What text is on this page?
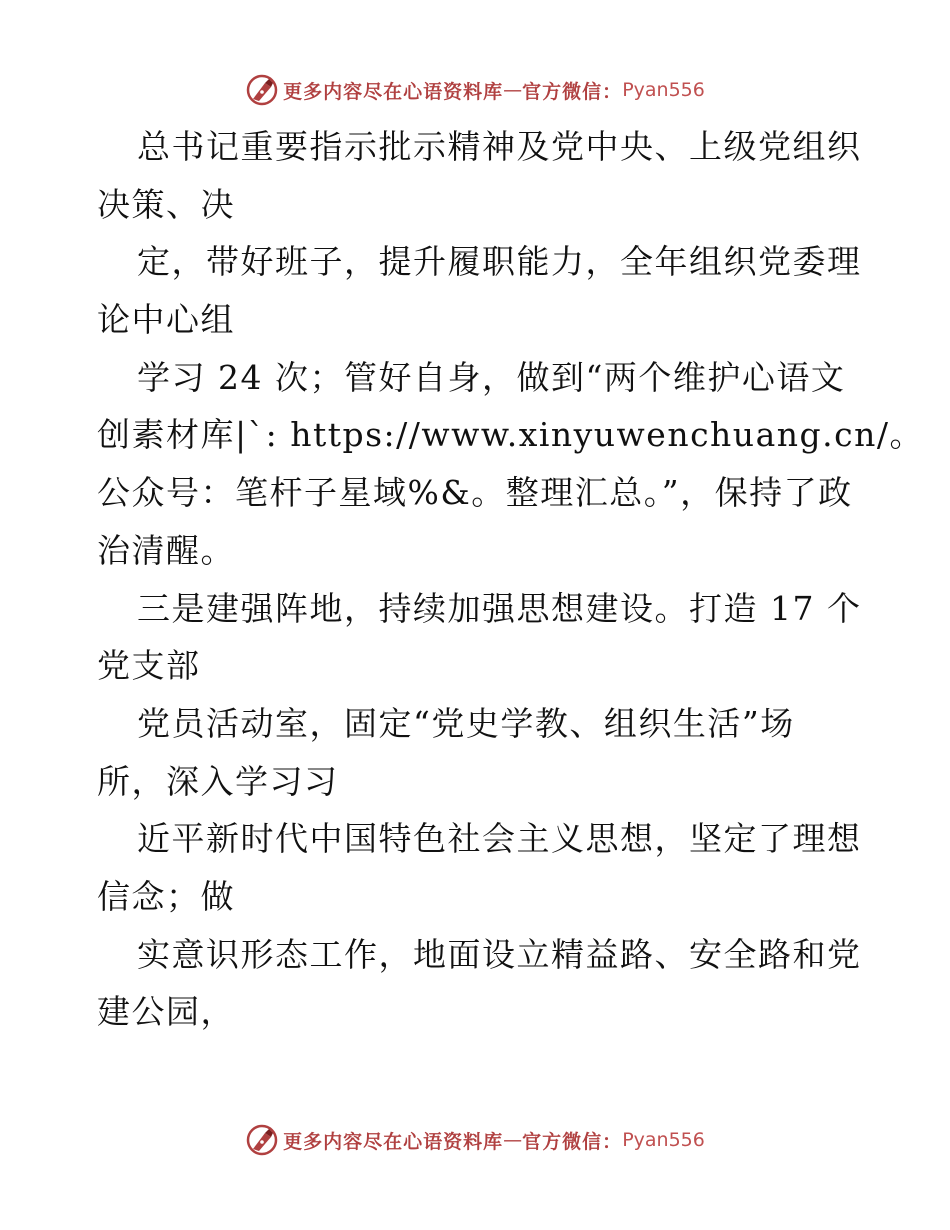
更多内容尽在心语资料库 — 官方微信： Pyan556
总书记重要指示批示精神及党中央、上级党组织
决策、决
定，带好班子，提升履职能力，全年组织党委理
论中心组
学习 24 次；管好自身，做到“两个维护心语文
创素材库|`: https://www.xinyuwenchuang.cn/。
公众号：笔杆子星域%&。整理汇总。”，保持了政
治清醒。
三是建强阵地，持续加强思想建设。打造 17 个
党支部
党员活动室，固定“党史学教、组织生活”场
所，深入学习习
近平新时代中国特色社会主义思想，坚定了理想
信念；做
实意识形态工作，地面设立精益路、安全路和党
建公园，
更多内容尽在心语资料库 — 官方微信： Pyan556
